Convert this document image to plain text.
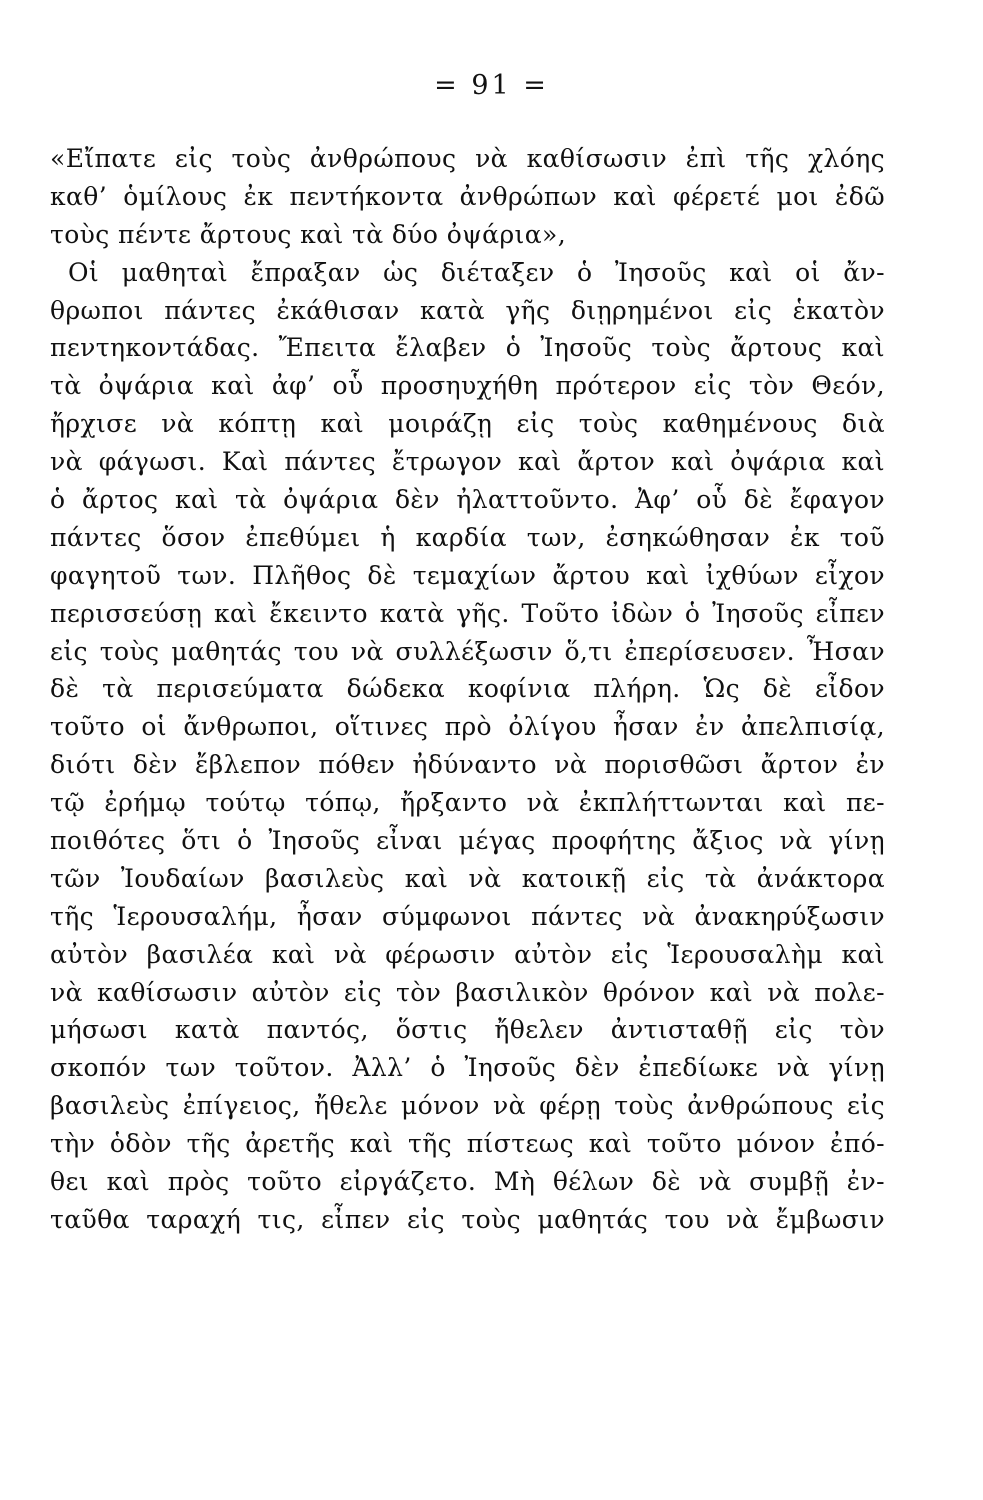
= 91 =
«Εἴπατε εἰς τοὺς ἀνθρώπους νὰ καθίσωσιν ἐπὶ τῆς χλόης
καθ’ ὁμίλους ἐκ πεντήκοντα ἀνθρώπων καὶ φέρετέ μοι ἐδῶ
τοὺς πέντε ἄρτους καὶ τὰ δύο ὀψάρια»,
Οἱ μαθηταὶ ἔπραξαν ὡς διέταξεν ὁ Ἰησοῦς καὶ οἱ ἄν-
θρωποι πάντες ἐκάθισαν κατὰ γῆς διῃρημένοι εἰς ἑκατὸν
πεντηκοντάδας. Ἔπειτα ἔλαβεν ὁ Ἰησοῦς τοὺς ἄρτους καὶ
τὰ ὀψάρια καὶ ἀφ’ οὗ προσηυχήθη πρότερον εἰς τὸν Θεόν,
ἤρχισε νὰ κόπτῃ καὶ μοιράζῃ εἰς τοὺς καθημένους διὰ
νὰ φάγωσι. Καὶ πάντες ἔτρωγον καὶ ἄρτον καὶ ὀψάρια καὶ
ὁ ἄρτος καὶ τὰ ὀψάρια δὲν ἠλαττοῦντο. Ἀφ’ οὗ δὲ ἔφαγον
πάντες ὅσον ἐπεθύμει ἡ καρδία των, ἐσηκώθησαν ἐκ τοῦ
φαγητοῦ των. Πλῆθος δὲ τεμαχίων ἄρτου καὶ ἰχθύων εἶχον
περισσεύσῃ καὶ ἔκειντο κατὰ γῆς. Τοῦτο ἰδὼν ὁ Ἰησοῦς εἶπεν
εἰς τοὺς μαθητάς του νὰ συλλέξωσιν ὅ,τι ἐπερίσευσεν. Ἦσαν
δὲ τὰ περισεύματα δώδεκα κοφίνια πλήρη. Ὡς δὲ εἶδον
τοῦτο οἱ ἄνθρωποι, οἵτινες πρὸ ὀλίγου ἦσαν ἐν ἀπελπισίᾳ,
διότι δὲν ἔβλεπον πόθεν ἠδύναντο νὰ πορισθῶσι ἄρτον ἐν
τῷ ἐρήμῳ τούτῳ τόπῳ, ἤρξαντο νὰ ἐκπλήττωνται καὶ πε-
ποιθότες ὅτι ὁ Ἰησοῦς εἶναι μέγας προφήτης ἄξιος νὰ γίνῃ
τῶν Ἰουδαίων βασιλεὺς καὶ νὰ κατοικῇ εἰς τὰ ἀνάκτορα
τῆς Ἱερουσαλήμ, ἦσαν σύμφωνοι πάντες νὰ ἀνακηρύξωσιν
αὐτὸν βασιλέα καὶ νὰ φέρωσιν αὐτὸν εἰς Ἱερουσαλὴμ καὶ
νὰ καθίσωσιν αὐτὸν εἰς τὸν βασιλικὸν θρόνον καὶ νὰ πολε-
μήσωσι κατὰ παντός, ὅστις ἤθελεν ἀντισταθῇ εἰς τὸν
σκοπόν των τοῦτον. Ἀλλ’ ὁ Ἰησοῦς δὲν ἐπεδίωκε νὰ γίνῃ
βασιλεὺς ἐπίγειος, ἤθελε μόνον νὰ φέρῃ τοὺς ἀνθρώπους εἰς
τὴν ὁδὸν τῆς ἀρετῆς καὶ τῆς πίστεως καὶ τοῦτο μόνον ἐπό-
θει καὶ πρὸς τοῦτο εἰργάζετο. Μὴ θέλων δὲ νὰ συμβῇ ἐν-
ταῦθα ταραχή τις, εἶπεν εἰς τοὺς μαθητάς του νὰ ἔμβωσιν
